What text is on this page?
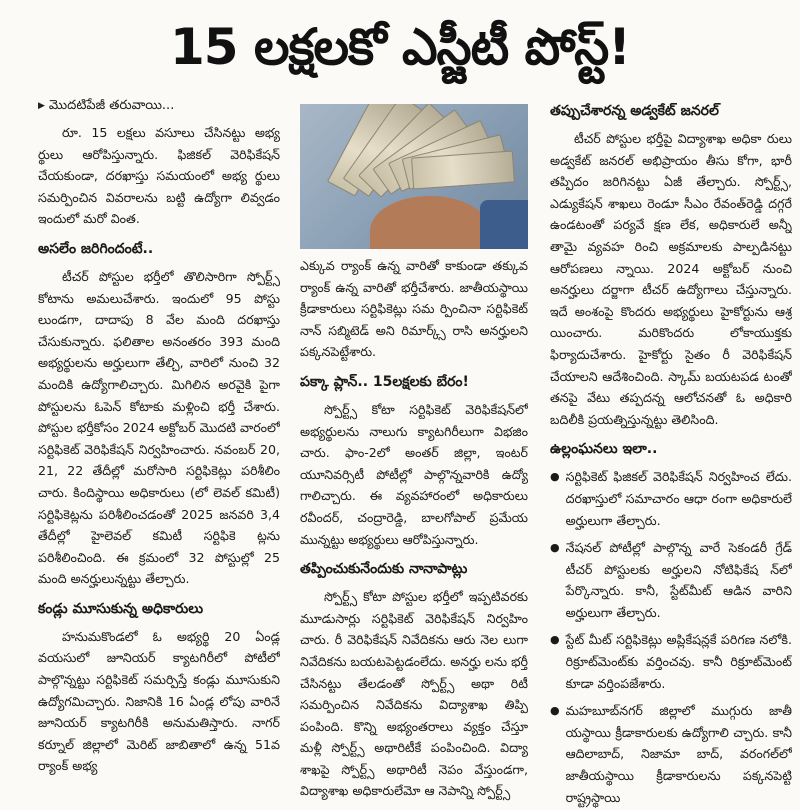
15 లక్షలకో ఎస్జీటీ పోస్ట్!
▶ మొదటిపేజీ తరువాయి...

రూ. 15 లక్షలు వసూలు చేసినట్టు అభ్య ర్థులు ఆరోపిస్తున్నారు. ఫిజికల్ వెరిఫికేషన్ చేయకుండా, దరఖాస్తు సమయంలో అభ్య ర్థులు సమర్పించిన వివరాలను బట్టి ఉద్యోగా లివ్వడం ఇందులో మరో వింత.

అసలేం జరిగిందంటే..

టీచర్ పోస్టుల భర్తీలో తొలిసారిగా స్పోర్ట్స్ కోటాను అమలుచేశారు. ఇందులో 95 పోస్టు లుండగా, దాదాపు 8 వేల మంది దరఖాస్తు చేసుకున్నారు. ఫలితాల అనంతరం 393 మంది అభ్యర్థులను అర్హులుగా తేల్చి, వారిలో నుంచి 32 మందికి ఉద్యోగాలిచ్చారు. మిగిలిన అరవైకి పైగా పోస్టులను ఓపెన్ కోటాకు మళ్లించి భర్తీ చేశారు. పోస్టుల భర్తీకోసం 2024 అక్టోబర్ మొదటి వారంలో సర్టిఫికెట్ వెరిఫికేషన్ నిర్వహించారు. నవంబర్ 20, 21, 22 తేదీల్లో మరోసారి సర్టిఫికెట్లు పరిశీలిం చారు. కిందిస్థాయి అధికారులు (లో లెవల్ కమిటీ) సర్టిఫికెట్లను పరిశీలించడంతో 2025 జనవరి 3,4 తేదీల్లో హైలెవల్ కమిటీ సర్టిఫికె ట్లను పరిశీలించింది. ఈ క్రమంలో 32 పోస్టుల్లో 25 మంది అనర్హులున్నట్టు తేల్చారు.

కండ్లు మూసుకున్న అధికారులు

హనుమకొండలో ఓ అభ్యర్థి 20 ఏండ్ల వయసులో జూనియర్ క్యాటగిరీలో పోటీలో పాల్గొన్నట్టు సర్టిఫికెట్ సమర్పిస్తే కండ్లు మూసుకుని ఉద్యోగమిచ్చారు. నిజానికి 16 ఏండ్ల లోపు వారినే జూనియర్ క్యాటగిరీకి అనుమతిస్తారు. నాగర్ కర్నూల్ జిల్లాలో మెరిట్ జాబితాలో ఉన్న 51వ ర్యాంక్ అభ్య

ఎక్కువ ర్యాంక్ ఉన్న వారితో కాకుండా తక్కువ ర్యాంక్ ఉన్న వారితో భర్తీచేశారు. జాతీయస్థాయి క్రీడాకారులు సర్టిఫికెట్లు సమ ర్పించినా సర్టిఫికెట్ నాన్ సబ్మిటెడ్ అని రిమార్క్స్ రాసి అనర్హులని పక్కనపెట్టేశారు.

పక్కా ప్లాన్.. 15లక్షలకు బేరం!

స్పోర్ట్స్ కోటా సర్టిఫికెట్ వెరిఫికేషన్‌లో అభ్యర్థులను నాలుగు క్యాటగిరీలుగా విభజిం చారు. ఫాం-2లో అంతర్ జిల్లా, ఇంటర్ యూనివర్సిటీ పోటీల్లో పాల్గొన్నవారికి ఉద్యో గాలిచ్చారు. ఈ వ్యవహారంలో అధికారులు రవీందర్, చంద్రారెడ్డి, బాలగోపాల్ ప్రమేయ మున్నట్టు అభ్యర్థులు ఆరోపిస్తున్నారు.

తప్పించుకునేందుకు నానాపాట్లు

స్పోర్ట్స్ కోటా పోస్టుల భర్తీలో ఇప్పటివరకు మూడుసార్లు సర్టిఫికెట్ వెరిఫికేషన్ నిర్వహిం చారు. రీ వెరిఫికేషన్ నివేదికను ఆరు నెల లుగా నివేదికను బయటపెట్టడంలేదు. అనర్హు లను భర్తీ చేసినట్టు తేలడంతో స్పోర్ట్స్ అథా రిటీ సమర్పించిన నివేదికను విద్యాశాఖ తిప్పి పంపింది. కొన్ని అభ్యంతరాలు వ్యక్తం చేస్తూ మళ్లీ స్పోర్ట్స్ అథారిటీకే పంపించింది. విద్యా శాఖపై స్పోర్ట్స్ అథారిటీ నెపం వేస్తుండగా, విద్యాశాఖ అధికారులేమో ఆ నెపాన్ని స్పోర్ట్స్

తప్పుచేశారన్న అడ్వకేట్ జనరల్

టీచర్ పోస్టుల భర్తీపై విద్యాశాఖ అధికా రులు అడ్వకేట్ జనరల్ అభిప్రాయం తీసు కోగా, భారీ తప్పిదం జరిగినట్టు ఏజీ తేల్చారు. స్పోర్ట్స్, ఎడ్యుకేషన్ శాఖలు రెండూ సీఎం రేవంత్‌రెడ్డి దగ్గరే ఉండటంతో పర్యవే క్షణ లేక, అధికారులే అన్నీ తామై వ్యవహ రించి అక్రమాలకు పాల్పడినట్టు ఆరోపణలు న్నాయి. 2024 అక్టోబర్ నుంచి అనర్హులు దర్జాగా టీచర్ ఉద్యోగాలు చేస్తున్నారు. ఇదే అంశంపై కొందరు అభ్యర్థులు హైకోర్టును ఆశ్ర యించారు. మరికొందరు లోకాయుక్తకు ఫిర్యాదుచేశారు. హైకోర్టు సైతం రీ వెరిఫికేషన్ చేయాలని ఆదేశించింది. స్కామ్ బయటపడ టంతో తనపై వేటు తప్పదన్న ఆలోచనతో ఓ అధికారి బదిలీకి ప్రయత్నిస్తున్నట్టు తెలిసింది.

ఉల్లంఘనలు ఇలా..
● సర్టిఫికెట్ ఫిజికల్ వెరిఫికేషన్ నిర్వహించ లేదు. దరఖాస్తులో సమాచారం ఆధా రంగా అధికారులే అర్హులుగా తేల్చారు.

● నేషనల్ పోటీల్లో పాల్గొన్న వారే సెకండరీ గ్రేడ్ టీచర్ పోస్టులకు అర్హులని నోటిఫికేష న్‌లో పేర్కొన్నారు. కానీ, స్టేట్‌మీట్ ఆడిన వారిని అర్హులుగా తేల్చారు.

● స్టేట్ మీట్ సర్టిఫికెట్లు అప్లికేషన్లకే పరిగణ నలోకి. రిక్రూట్‌మెంట్‌కు వర్తించవు. కానీ రిక్రూట్‌మెంట్ కూడా వర్తింపజేశారు.

● మహబూబ్‌నగర్ జిల్లాలో ముగ్గురు జాతీ యస్థాయి క్రీడాకారులకు ఉద్యోగాలి చ్చారు. కానీ ఆదిలాబాద్, నిజామా బాద్, వరంగల్‌లో జాతీయస్థాయి క్రీడాకారులను పక్కనపెట్టి రాష్ట్రస్థాయి
